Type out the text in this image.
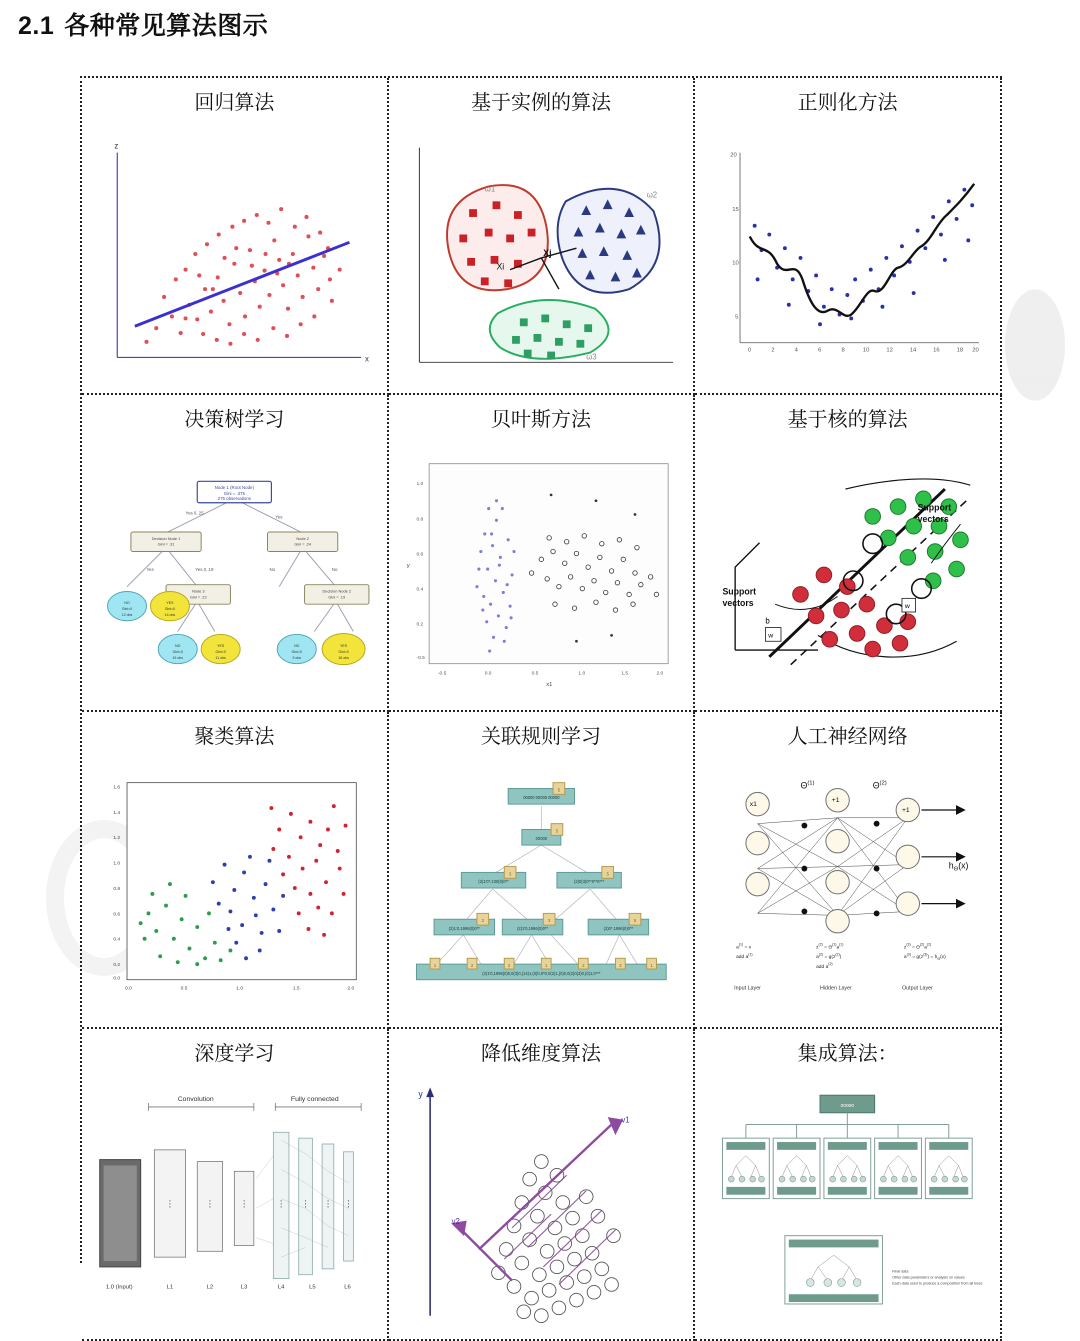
2.1 各种常见算法图示
回归算法
z
x
基于实例的算法
Xi
Xj
ω1
ω2
ω3
正则化方法
20
15
10
5
0	2	4	6	8	10	12	14	16	18 20
决策树学习
Node 1 (Root Node)
Gini = .375
275 observations
Decision Node 1
Gini = .31
Node 2
Gini = .24
Node 3
Gini = .22
Decision Node 2
Gini = .19
Yes 0, 25
Yes
Yes	Yes 0, 19	No	No
NO
Gini=0
12 obs
YES
Gini=0
14 obs
NO
Gini=0
19 obs
YES
Gini=0
11 obs
NO
Gini=0
9 obs
YES
Gini=0
16 obs
贝叶斯方法
1.0
0.8
0.6
0.4
0.2
-0.5
-0.5	0.0	0.5	1.0	1.5	2.0
y
x1
基于核的算法
Support
vectors
Support
vectors
w
b
w
聚类算法
1.6
1.4
1.2
1.0
0.8
0.6
0.4
0.2
0.0
0.0	0.5	1.0	1.5	2.0
关联规则学习
00000 00000 00000
00000
(2)1'0*,100(0)0**	(2)0(3)0**0**0***
(2)1:0,1996(0)0**	(2)1'0,1996(0)0**	(2)0*,1996(0)0**
(2)1'0,1996(0)0,0(3)0,(14)1,(0)0,0*0,0(2)1,(0)0,0(2)0(3)0,(0)1,0***
5
5
3	5
2	3	5
1	2	2	1	2	3	1
人工神经网络
x1
+1
+1
$h_\Theta(x)$
$\Theta^{(1)}$	$\Theta^{(2)}$
$a^{(1)} = x$
add $a^{(1)}$
$z^{(2)} = \Theta^{(1)}a^{(1)}$
$a^{(2)} = g(z^{(2)})$
add $a^{(2)}$
$z^{(3)} = \Theta^{(2)}a^{(2)}$
$a^{(3)} = g(z^{(3)}) = h_\Theta(x)$
Input Layer	Hidden Layer	Output Layer
深度学习
Convolution	Fully connected
⋮	⋮	⋮	⋮ ⋮ ⋮ ⋮
1.0 (Input)	L1	L2	L3	L4	L5	L6
降低维度算法
y
v1
v2
集成算法：
00000
Final data
Other data parameters or analysis on values
Each data used to produce a composition from all trees
